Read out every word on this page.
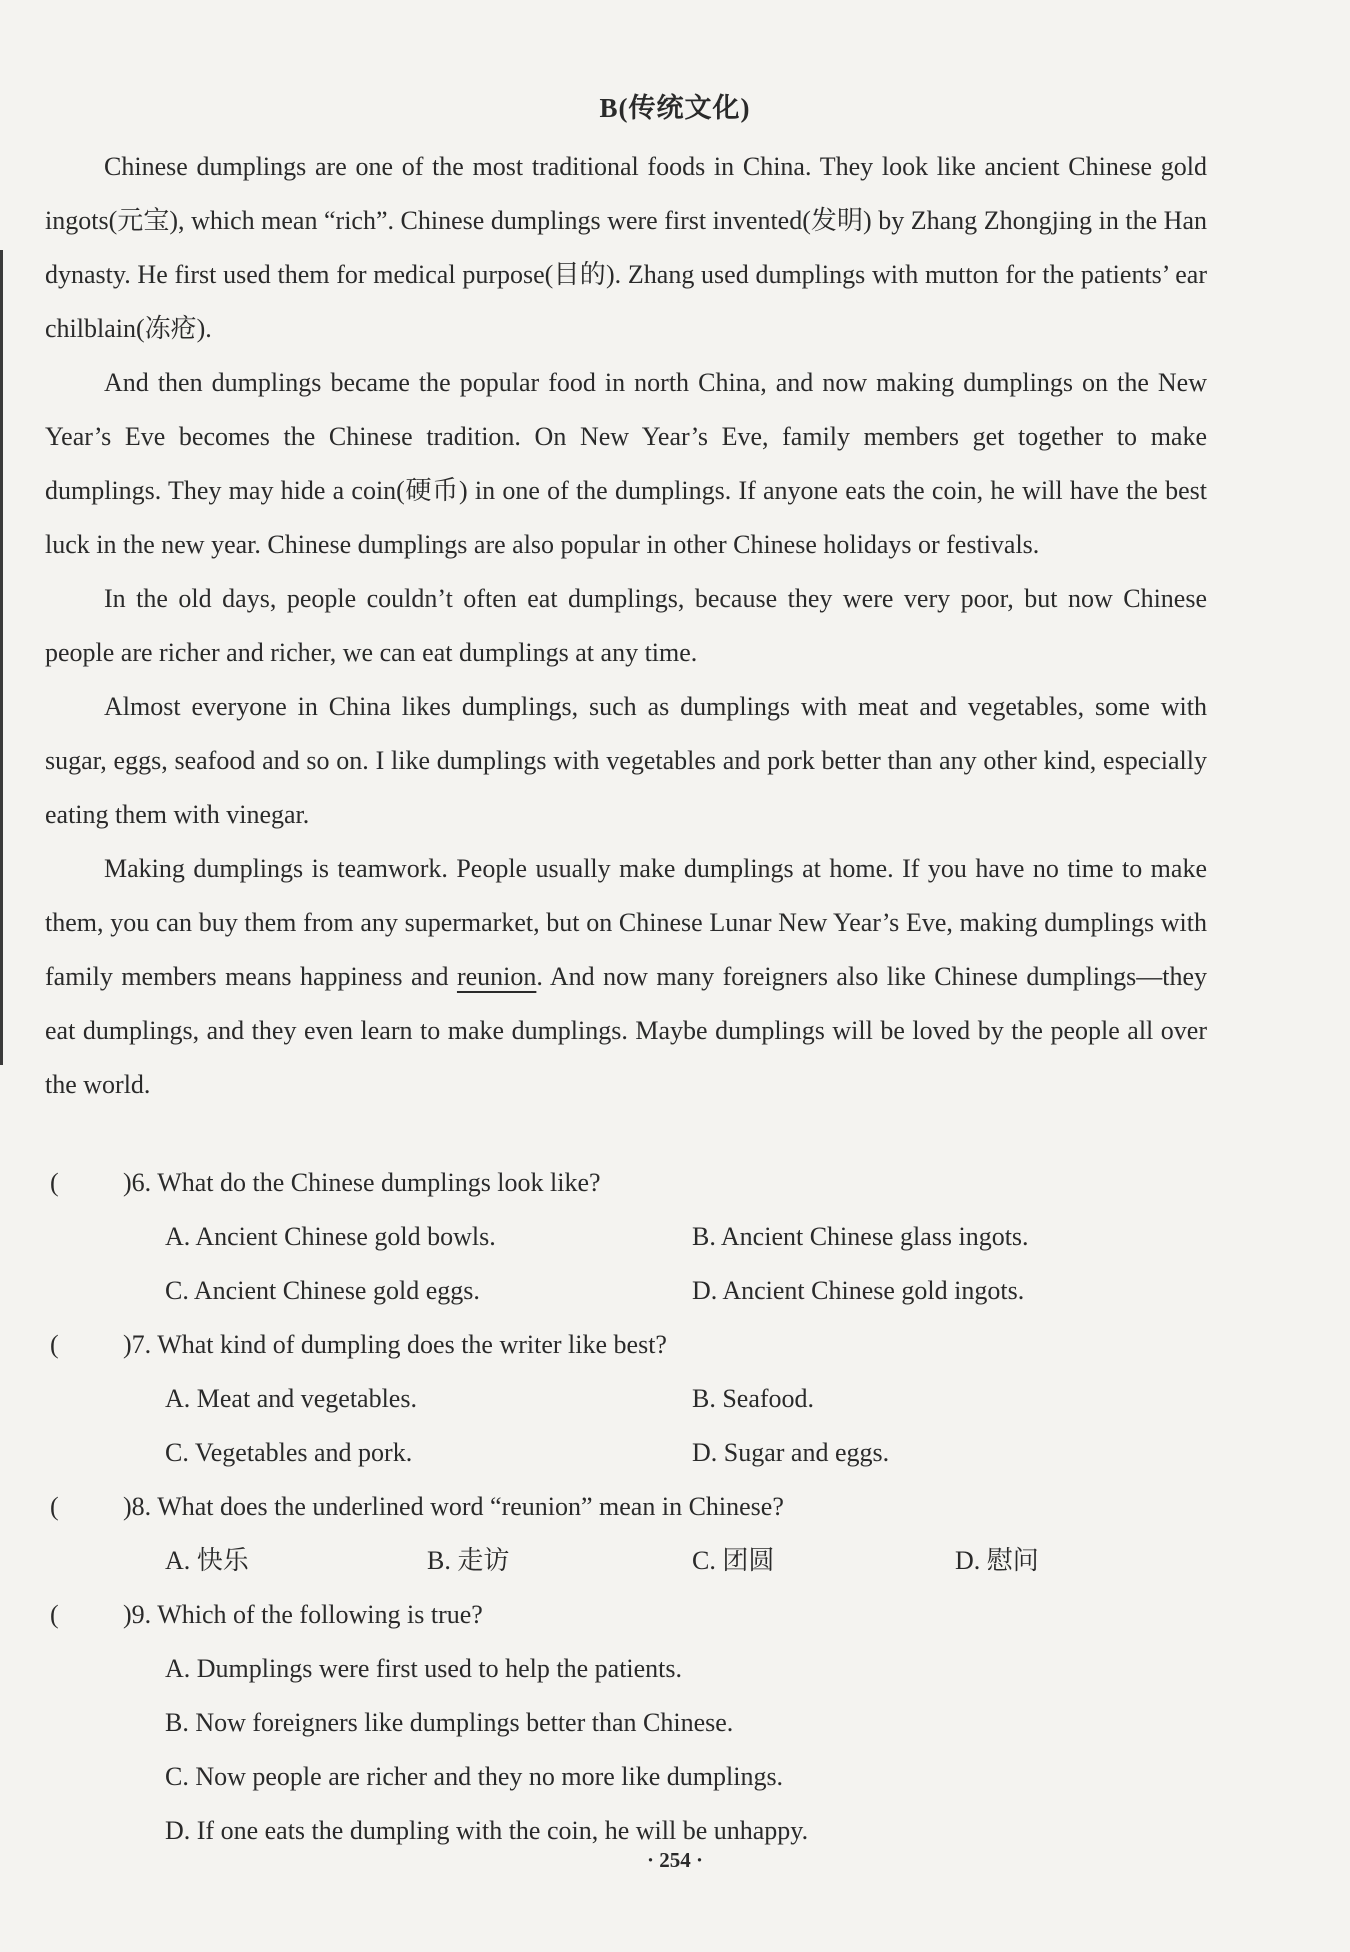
B(传统文化)

Chinese dumplings are one of the most traditional foods in China. They look like ancient Chinese gold ingots(元宝), which mean “rich”. Chinese dumplings were first invented(发明) by Zhang Zhongjing in the Han dynasty. He first used them for medical purpose(目的). Zhang used dumplings with mutton for the patients’ ear chilblain(冻疮).

And then dumplings became the popular food in north China, and now making dumplings on the New Year’s Eve becomes the Chinese tradition. On New Year’s Eve, family members get together to make dumplings. They may hide a coin(硬币) in one of the dumplings. If anyone eats the coin, he will have the best luck in the new year. Chinese dumplings are also popular in other Chinese holidays or festivals.

In the old days, people couldn’t often eat dumplings, because they were very poor, but now Chinese people are richer and richer, we can eat dumplings at any time.

Almost everyone in China likes dumplings, such as dumplings with meat and vegetables, some with sugar, eggs, seafood and so on. I like dumplings with vegetables and pork better than any other kind, especially eating them with vinegar.

Making dumplings is teamwork. People usually make dumplings at home. If you have no time to make them, you can buy them from any supermarket, but on Chinese Lunar New Year’s Eve, making dumplings with family members means happiness and reunion. And now many foreigners also like Chinese dumplings—they eat dumplings, and they even learn to make dumplings. Maybe dumplings will be loved by the people all over the world.

( )6. What do the Chinese dumplings look like?
A. Ancient Chinese gold bowls.	B. Ancient Chinese glass ingots.
C. Ancient Chinese gold eggs.	D. Ancient Chinese gold ingots.
( )7. What kind of dumpling does the writer like best?
A. Meat and vegetables.	B. Seafood.
C. Vegetables and pork.	D. Sugar and eggs.
( )8. What does the underlined word “reunion” mean in Chinese?
A. 快乐	B. 走访	C. 团圆	D. 慰问
( )9. Which of the following is true?
A. Dumplings were first used to help the patients.
B. Now foreigners like dumplings better than Chinese.
C. Now people are richer and they no more like dumplings.
D. If one eats the dumpling with the coin, he will be unhappy.
· 254 ·
